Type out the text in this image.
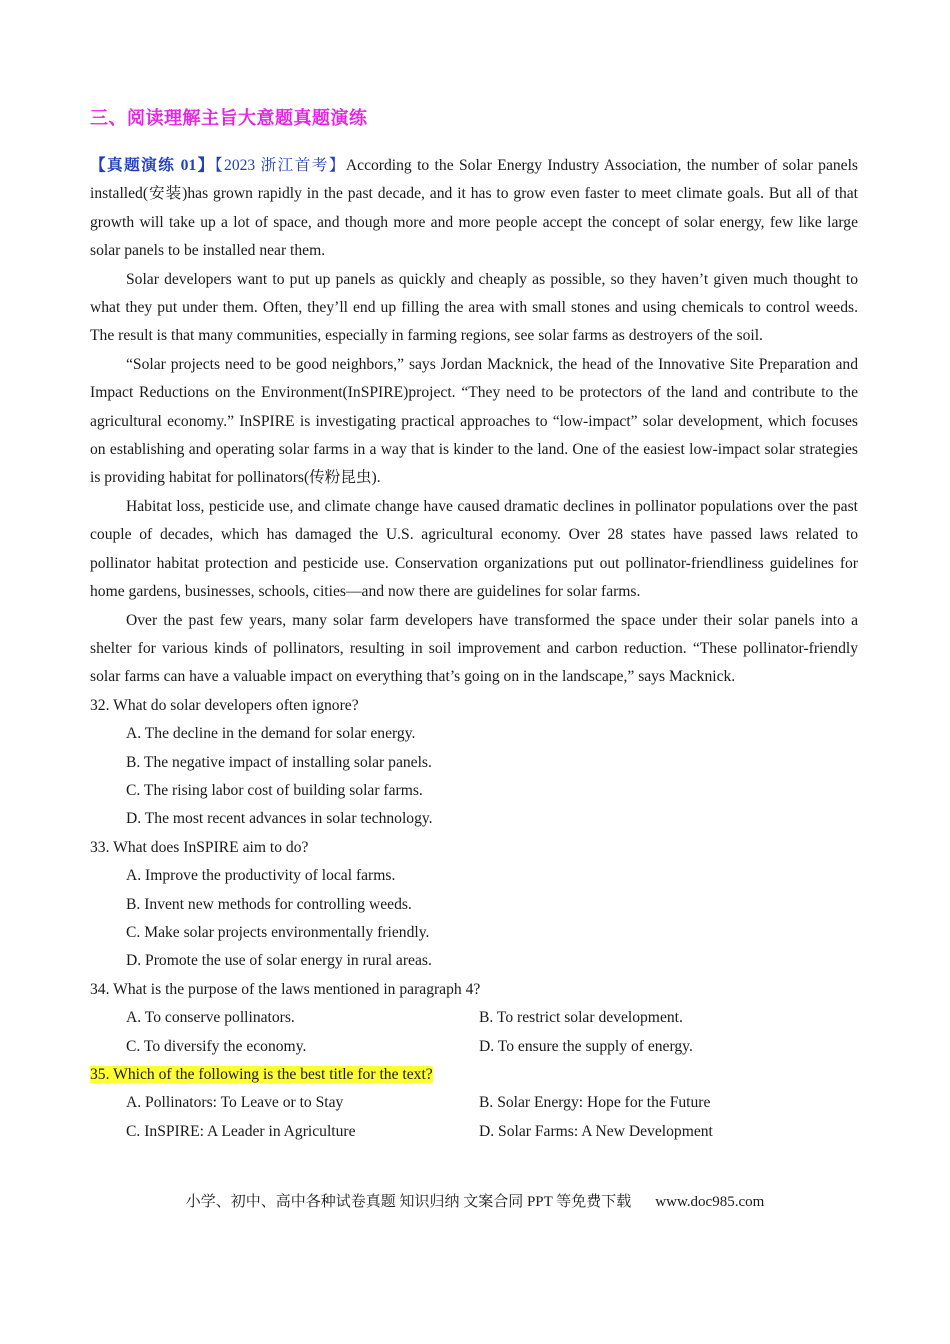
三、阅读理解主旨大意题真题演练

【真题演练 01】【2023 浙江首考】According to the Solar Energy Industry Association, the number of solar panels installed(安装)has grown rapidly in the past decade, and it has to grow even faster to meet climate goals. But all of that growth will take up a lot of space, and though more and more people accept the concept of solar energy, few like large solar panels to be installed near them.

Solar developers want to put up panels as quickly and cheaply as possible, so they haven’t given much thought to what they put under them. Often, they’ll end up filling the area with small stones and using chemicals to control weeds. The result is that many communities, especially in farming regions, see solar farms as destroyers of the soil.

“Solar projects need to be good neighbors,” says Jordan Macknick, the head of the Innovative Site Preparation and Impact Reductions on the Environment(InSPIRE)project. “They need to be protectors of the land and contribute to the agricultural economy.” InSPIRE is investigating practical approaches to “low-impact” solar development, which focuses on establishing and operating solar farms in a way that is kinder to the land. One of the easiest low-impact solar strategies is providing habitat for pollinators(传粉昆虫).

Habitat loss, pesticide use, and climate change have caused dramatic declines in pollinator populations over the past couple of decades, which has damaged the U.S. agricultural economy. Over 28 states have passed laws related to pollinator habitat protection and pesticide use. Conservation organizations put out pollinator-friendliness guidelines for home gardens, businesses, schools, cities—and now there are guidelines for solar farms.

Over the past few years, many solar farm developers have transformed the space under their solar panels into a shelter for various kinds of pollinators, resulting in soil improvement and carbon reduction. “These pollinator-friendly solar farms can have a valuable impact on everything that’s going on in the landscape,” says Macknick.

32. What do solar developers often ignore?

A. The decline in the demand for solar energy.

B. The negative impact of installing solar panels.

C. The rising labor cost of building solar farms.

D. The most recent advances in solar technology.

33. What does InSPIRE aim to do?

A. Improve the productivity of local farms.

B. Invent new methods for controlling weeds.

C. Make solar projects environmentally friendly.

D. Promote the use of solar energy in rural areas.

34. What is the purpose of the laws mentioned in paragraph 4?

A. To conserve pollinators.	B. To restrict solar development.
C. To diversify the economy.	D. To ensure the supply of energy.

35. Which of the following is the best title for the text?

A. Pollinators: To Leave or to Stay	B. Solar Energy: Hope for the Future
C. InSPIRE: A Leader in Agriculture	D. Solar Farms: A New Development
小学、初中、高中各种试卷真题 知识归纳 文案合同 PPT 等免费下载 www.doc985.com
